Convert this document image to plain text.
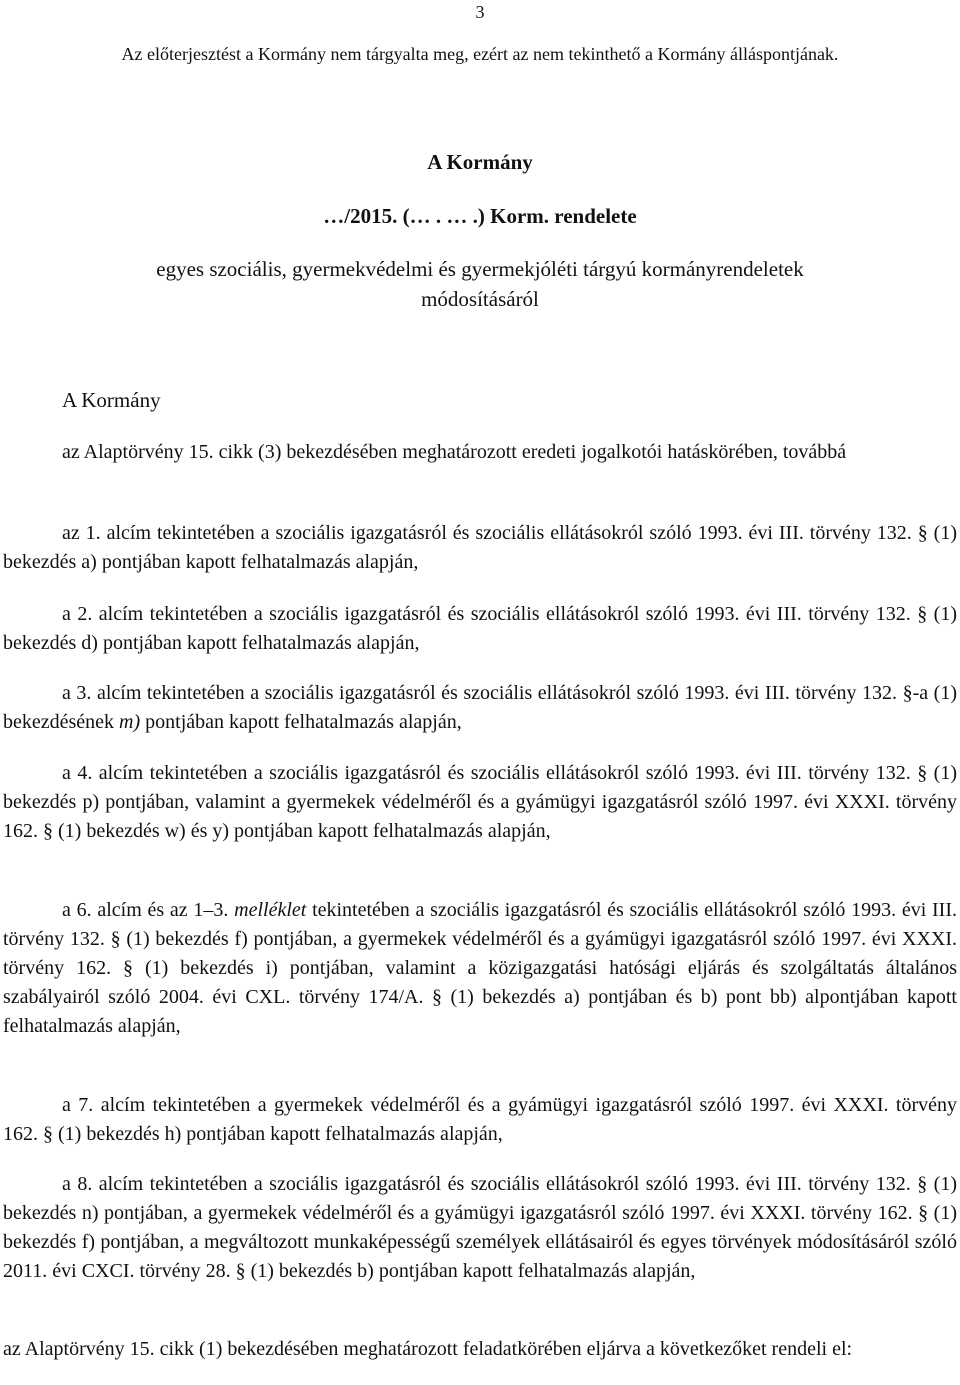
3
Az előterjesztést a Kormány nem tárgyalta meg, ezért az nem tekinthető a Kormány álláspontjának.
A Kormány
…/2015. (… . … .) Korm. rendelete
egyes szociális, gyermekvédelmi és gyermekjóléti tárgyú kormányrendeletek
módosításáról
A Kormány

az Alaptörvény 15. cikk (3) bekezdésében meghatározott eredeti jogalkotói hatáskörében, továbbá

az 1. alcím tekintetében a szociális igazgatásról és szociális ellátásokról szóló 1993. évi III. törvény 132. § (1) bekezdés a) pontjában kapott felhatalmazás alapján,

a 2. alcím tekintetében a szociális igazgatásról és szociális ellátásokról szóló 1993. évi III. törvény 132. § (1) bekezdés d) pontjában kapott felhatalmazás alapján,

a 3. alcím tekintetében a szociális igazgatásról és szociális ellátásokról szóló 1993. évi III. törvény 132. §-a (1) bekezdésének m) pontjában kapott felhatalmazás alapján,

a 4. alcím tekintetében a szociális igazgatásról és szociális ellátásokról szóló 1993. évi III. törvény 132. § (1) bekezdés p) pontjában, valamint a gyermekek védelméről és a gyámügyi igazgatásról szóló 1997. évi XXXI. törvény 162. § (1) bekezdés w) és y) pontjában kapott felhatalmazás alapján,

a 6. alcím és az 1–3. melléklet tekintetében a szociális igazgatásról és szociális ellátásokról szóló 1993. évi III. törvény 132. § (1) bekezdés f) pontjában, a gyermekek védelméről és a gyámügyi igazgatásról szóló 1997. évi XXXI. törvény 162. § (1) bekezdés i) pontjában, valamint a közigazgatási hatósági eljárás és szolgáltatás általános szabályairól szóló 2004. évi CXL. törvény 174/A. § (1) bekezdés a) pontjában és b) pont bb) alpontjában kapott felhatalmazás alapján,

a 7. alcím tekintetében a gyermekek védelméről és a gyámügyi igazgatásról szóló 1997. évi XXXI. törvény 162. § (1) bekezdés h) pontjában kapott felhatalmazás alapján,

a 8. alcím tekintetében a szociális igazgatásról és szociális ellátásokról szóló 1993. évi III. törvény 132. § (1) bekezdés n) pontjában, a gyermekek védelméről és a gyámügyi igazgatásról szóló 1997. évi XXXI. törvény 162. § (1) bekezdés f) pontjában, a megváltozott munkaképességű személyek ellátásairól és egyes törvények módosításáról szóló 2011. évi CXCI. törvény 28. § (1) bekezdés b) pontjában kapott felhatalmazás alapján,

az Alaptörvény 15. cikk (1) bekezdésében meghatározott feladatkörében eljárva a következőket rendeli el:
